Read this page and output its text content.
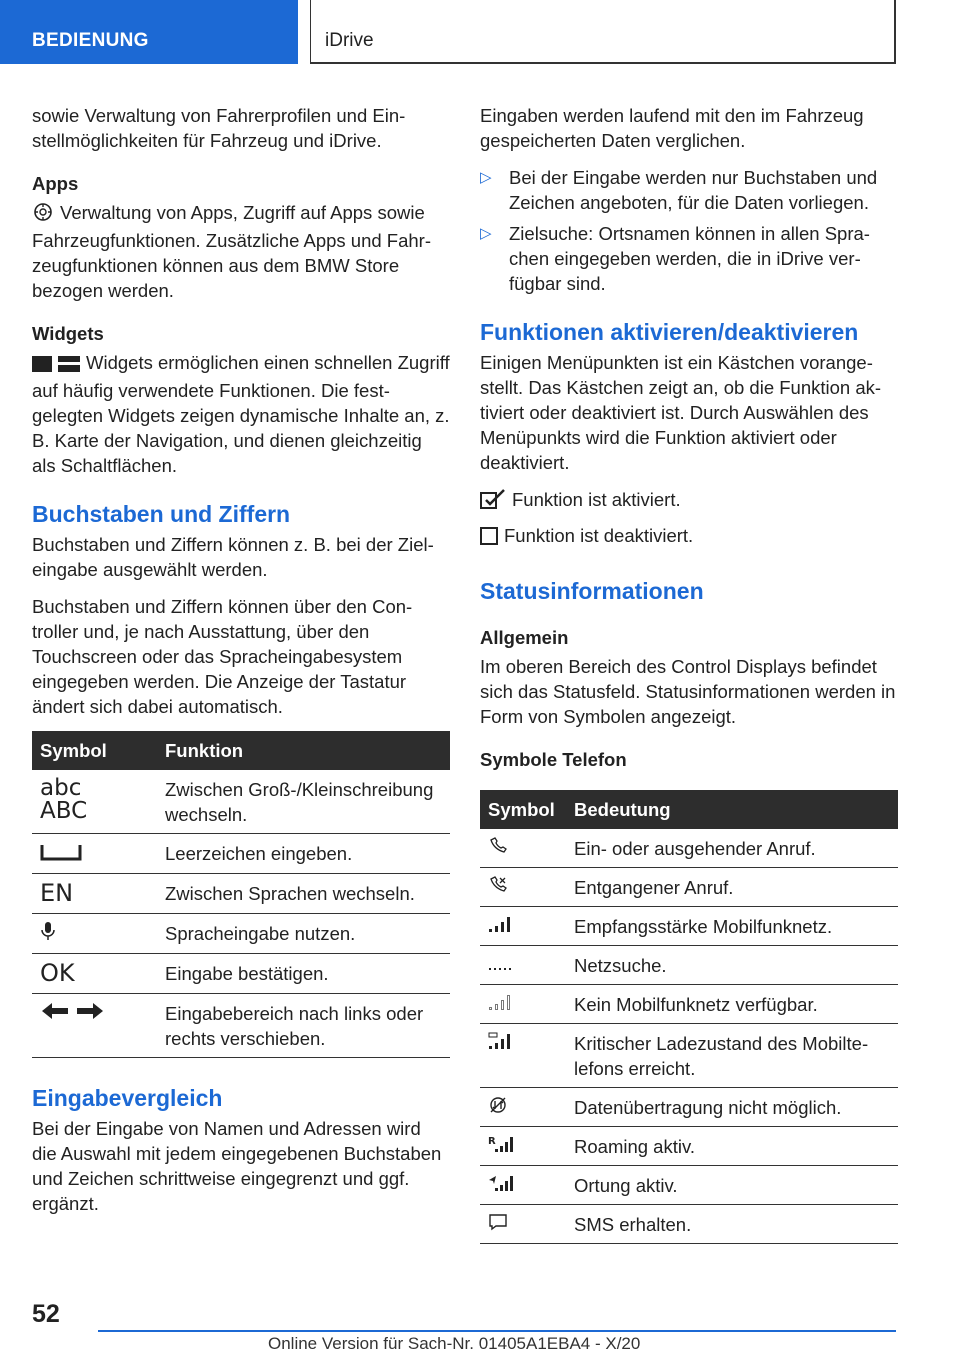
BEDIENUNG	iDrive

sowie Verwaltung von Fahrerprofilen und Einstellmöglichkeiten für Fahrzeug und iDrive.

Apps

Verwaltung von Apps, Zugriff auf Apps sowie Fahrzeugfunktionen. Zusätzliche Apps und Fahrzeugfunktionen können aus dem BMW Store bezogen werden.

Widgets

Widgets ermöglichen einen schnellen Zugriff auf häufig verwendete Funktionen. Die festgelegten Widgets zeigen dynamische Inhalte an, z. B. Karte der Navigation, und dienen gleichzeitig als Schaltflächen.

Buchstaben und Ziffern

Buchstaben und Ziffern können z. B. bei der Zieleingabe ausgewählt werden.

Buchstaben und Ziffern können über den Controller und, je nach Ausstattung, über den Touchscreen oder das Spracheingabesystem eingegeben werden. Die Anzeige der Tastatur ändert sich dabei automatisch.

Symbol	Funktion

abc
ABC	Zwischen Groß-/Kleinschreibung wechseln.
	Leerzeichen eingeben.
EN	Zwischen Sprachen wechseln.
	Spracheingabe nutzen.
OK	Eingabe bestätigen.
	Eingabebereich nach links oder rechts verschieben.
Eingabevergleich

Bei der Eingabe von Namen und Adressen wird die Auswahl mit jedem eingegebenen Buchstaben und Zeichen schrittweise eingegrenzt und ggf. ergänzt.

Eingaben werden laufend mit den im Fahrzeug gespeicherten Daten verglichen.

▷ Bei der Eingabe werden nur Buchstaben und Zeichen angeboten, für die Daten vorliegen.
▷ Zielsuche: Ortsnamen können in allen Sprachen eingegeben werden, die in iDrive verfügbar sind.
Funktionen aktivieren/deaktivieren

Einigen Menüpunkten ist ein Kästchen vorangestellt. Das Kästchen zeigt an, ob die Funktion aktiviert oder deaktiviert ist. Durch Auswählen des Menüpunkts wird die Funktion aktiviert oder deaktiviert.

Funktion ist aktiviert.
Funktion ist deaktiviert.
Statusinformationen
Allgemein

Im oberen Bereich des Control Displays befindet sich das Statusfeld. Statusinformationen werden in Form von Symbolen angezeigt.

Symbole Telefon
Symbol	Bedeutung
	Ein- oder ausgehender Anruf.
	Entgangener Anruf.
	Empfangsstärke Mobilfunknetz.
	Netzsuche.
	Kein Mobilfunknetz verfügbar.
	Kritischer Ladezustand des Mobiltelefons erreicht.
	Datenübertragung nicht möglich.

R	Roaming aktiv.
	Ortung aktiv.
	SMS erhalten.
52
Online Version für Sach-Nr. 01405A1EBA4 - X/20
